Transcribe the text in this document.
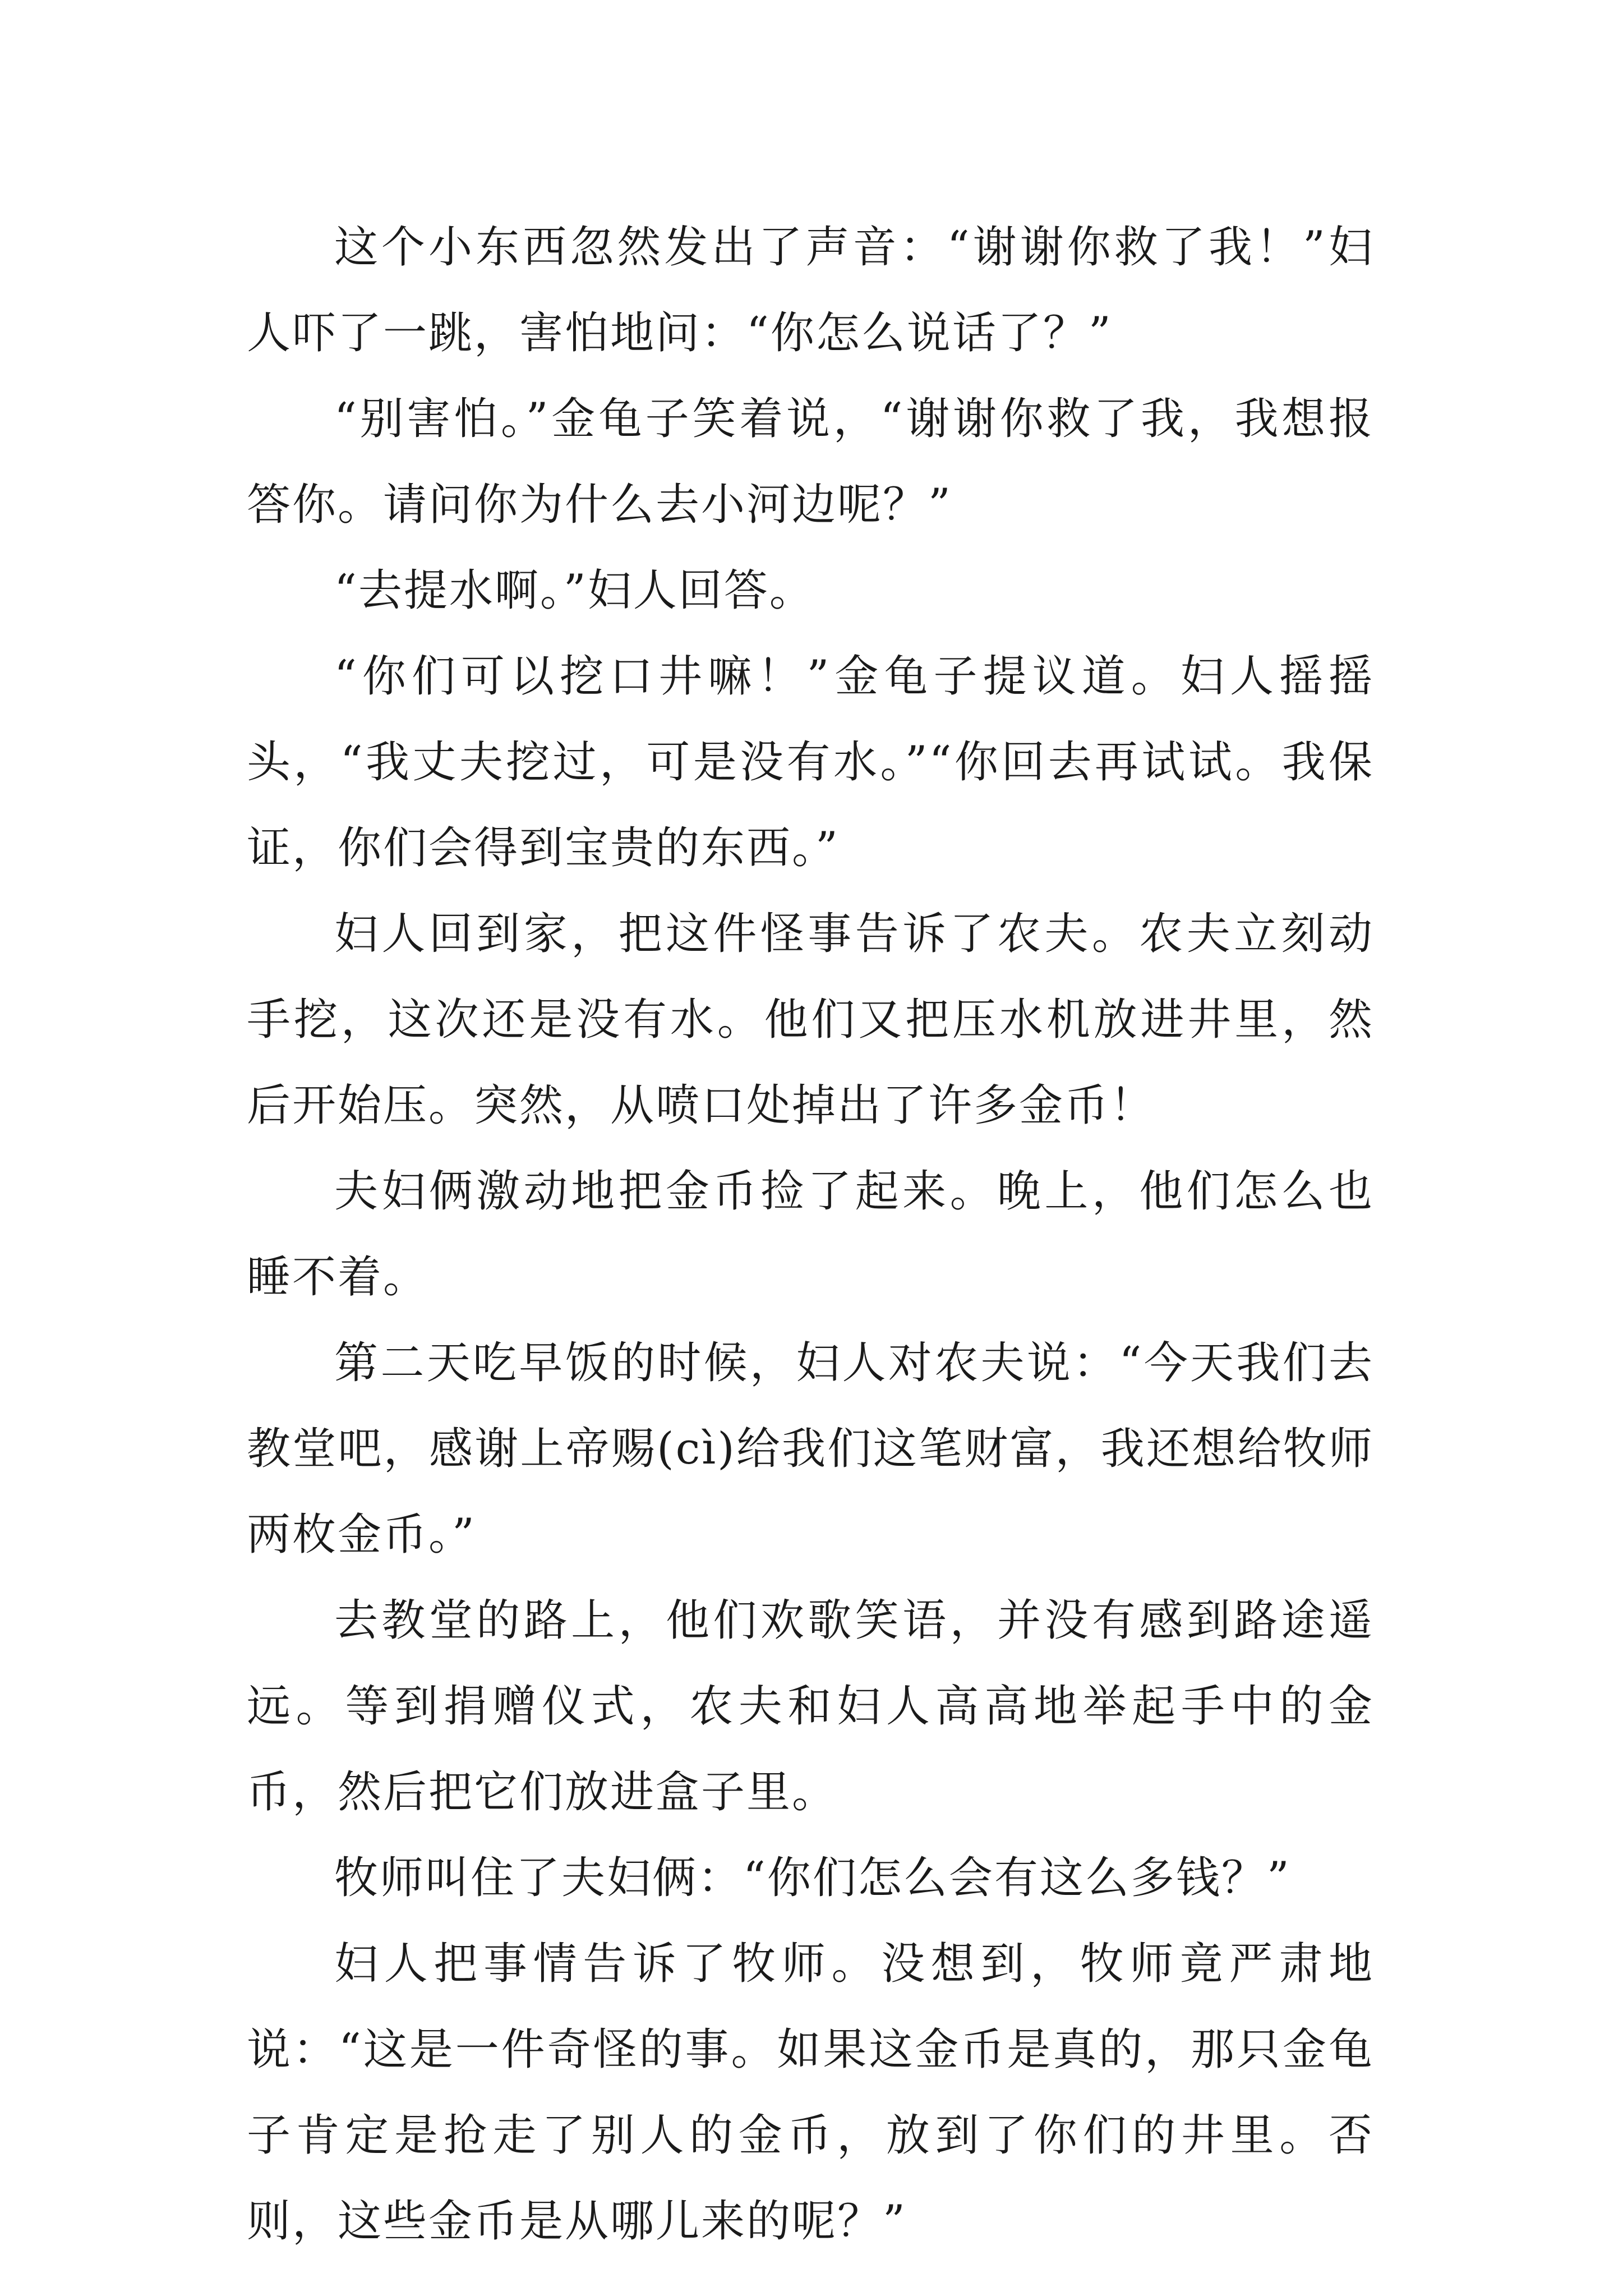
这个小东西忽然发出了声音：“谢谢你救了我！”妇人吓了一跳，害怕地问：“你怎么说话了？”

“别害怕。”金龟子笑着说，“谢谢你救了我，我想报答你。请问你为什么去小河边呢？”

“去提水啊。”妇人回答。

“你们可以挖口井嘛！”金龟子提议道。妇人摇摇头，“我丈夫挖过，可是没有水。”“你回去再试试。我保证，你们会得到宝贵的东西。”

妇人回到家，把这件怪事告诉了农夫。农夫立刻动手挖，这次还是没有水。他们又把压水机放进井里，然后开始压。突然，从喷口处掉出了许多金币！

夫妇俩激动地把金币捡了起来。晚上，他们怎么也睡不着。

第二天吃早饭的时候，妇人对农夫说：“今天我们去教堂吧，感谢上帝赐(cì)给我们这笔财富，我还想给牧师两枚金币。”

去教堂的路上，他们欢歌笑语，并没有感到路途遥远。等到捐赠仪式，农夫和妇人高高地举起手中的金币，然后把它们放进盒子里。

牧师叫住了夫妇俩：“你们怎么会有这么多钱？”

妇人把事情告诉了牧师。没想到，牧师竟严肃地说：“这是一件奇怪的事。如果这金币是真的，那只金龟子肯定是抢走了别人的金币，放到了你们的井里。否则，这些金币是从哪儿来的呢？”
